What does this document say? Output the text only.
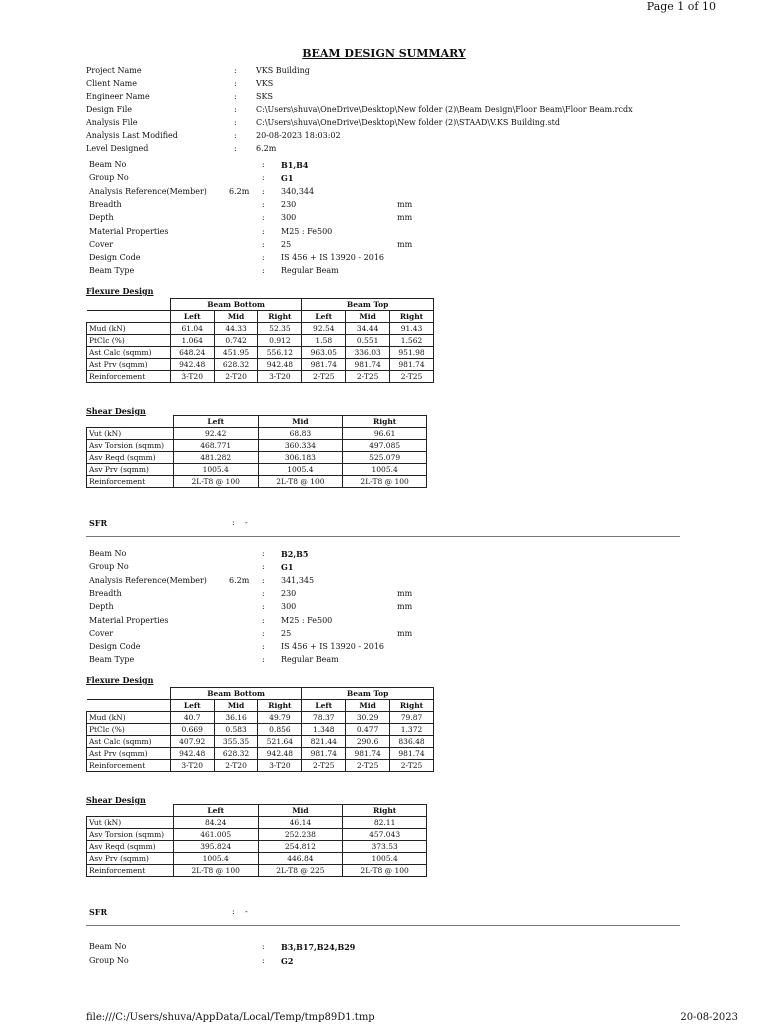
Page 1 of 10
BEAM DESIGN SUMMARY
Project Name	: VKS Building
Client Name	: VKS
Engineer Name	: SKS
Design File	: C:\Users\shuva\OneDrive\Desktop\New folder (2)\Beam Design\Floor Beam\Floor Beam.rcdx
Analysis File	: C:\Users\shuva\OneDrive\Desktop\New folder (2)\STAAD\V.KS Building.std
Analysis Last Modified	: 20-08-2023 18:03:02
Level Designed	: 6.2m
Beam No	: B1,B4
Group No	: G1
Analysis Reference(Member)	6.2m : 340,344
Breadth	: 230	mm
Depth	: 300	mm
Material Properties	: M25 : Fe500
Cover	: 25	mm
Design Code	: IS 456 + IS 13920 - 2016
Beam Type	: Regular Beam
Flexure Design
	Beam Bottom			Beam Top		
	Left	Mid	Right	Left	Mid	Right
Mud (kN)	61.04	44.33	52.35	92.54	34.44	91.43
PtClc (%)	1.064	0.742	0.912	1.58	0.551	1.562
Ast Calc (sqmm)	648.24	451.95	556.12	963.05	336.03	951.98
Ast Prv (sqmm)	942.48	628.32	942.48	981.74	981.74	981.74
Reinforcement	3-T20	2-T20	3-T20	2-T25	2-T25	2-T25
Shear Design
	Left	Mid	Right
Vut (kN)	92.42	68.83	96.61
Asv Torsion (sqmm)	468.771	360.334	497.085
Asv Reqd (sqmm)	481.282	306.183	525.079
Asv Prv (sqmm)	1005.4	1005.4	1005.4
Reinforcement	2L-T8 @ 100	2L-T8 @ 100	2L-T8 @ 100
SFR	: -
Beam No	: B2,B5
Group No	: G1
Analysis Reference(Member)	6.2m : 341,345
Breadth	: 230	mm
Depth	: 300	mm
Material Properties	: M25 : Fe500
Cover	: 25	mm
Design Code	: IS 456 + IS 13920 - 2016
Beam Type	: Regular Beam
Flexure Design
	Beam Bottom			Beam Top		
	Left	Mid	Right	Left	Mid	Right
Mud (kN)	40.7	36.16	49.79	78.37	30.29	79.87
PtClc (%)	0.669	0.583	0.856	1.348	0.477	1.372
Ast Calc (sqmm)	407.92	355.35	521.64	821.44	290.6	836.48
Ast Prv (sqmm)	942.48	628.32	942.48	981.74	981.74	981.74
Reinforcement	3-T20	2-T20	3-T20	2-T25	2-T25	2-T25
Shear Design
	Left	Mid	Right
Vut (kN)	84.24	46.14	82.11
Asv Torsion (sqmm)	461.005	252.238	457.043
Asv Reqd (sqmm)	395.824	254.812	373.53
Asv Prv (sqmm)	1005.4	446.84	1005.4
Reinforcement	2L-T8 @ 100	2L-T8 @ 225	2L-T8 @ 100
SFR	: -
Beam No	: B3,B17,B24,B29
Group No	: G2
file:///C:/Users/shuva/AppData/Local/Temp/tmp89D1.tmp	20-08-2023
